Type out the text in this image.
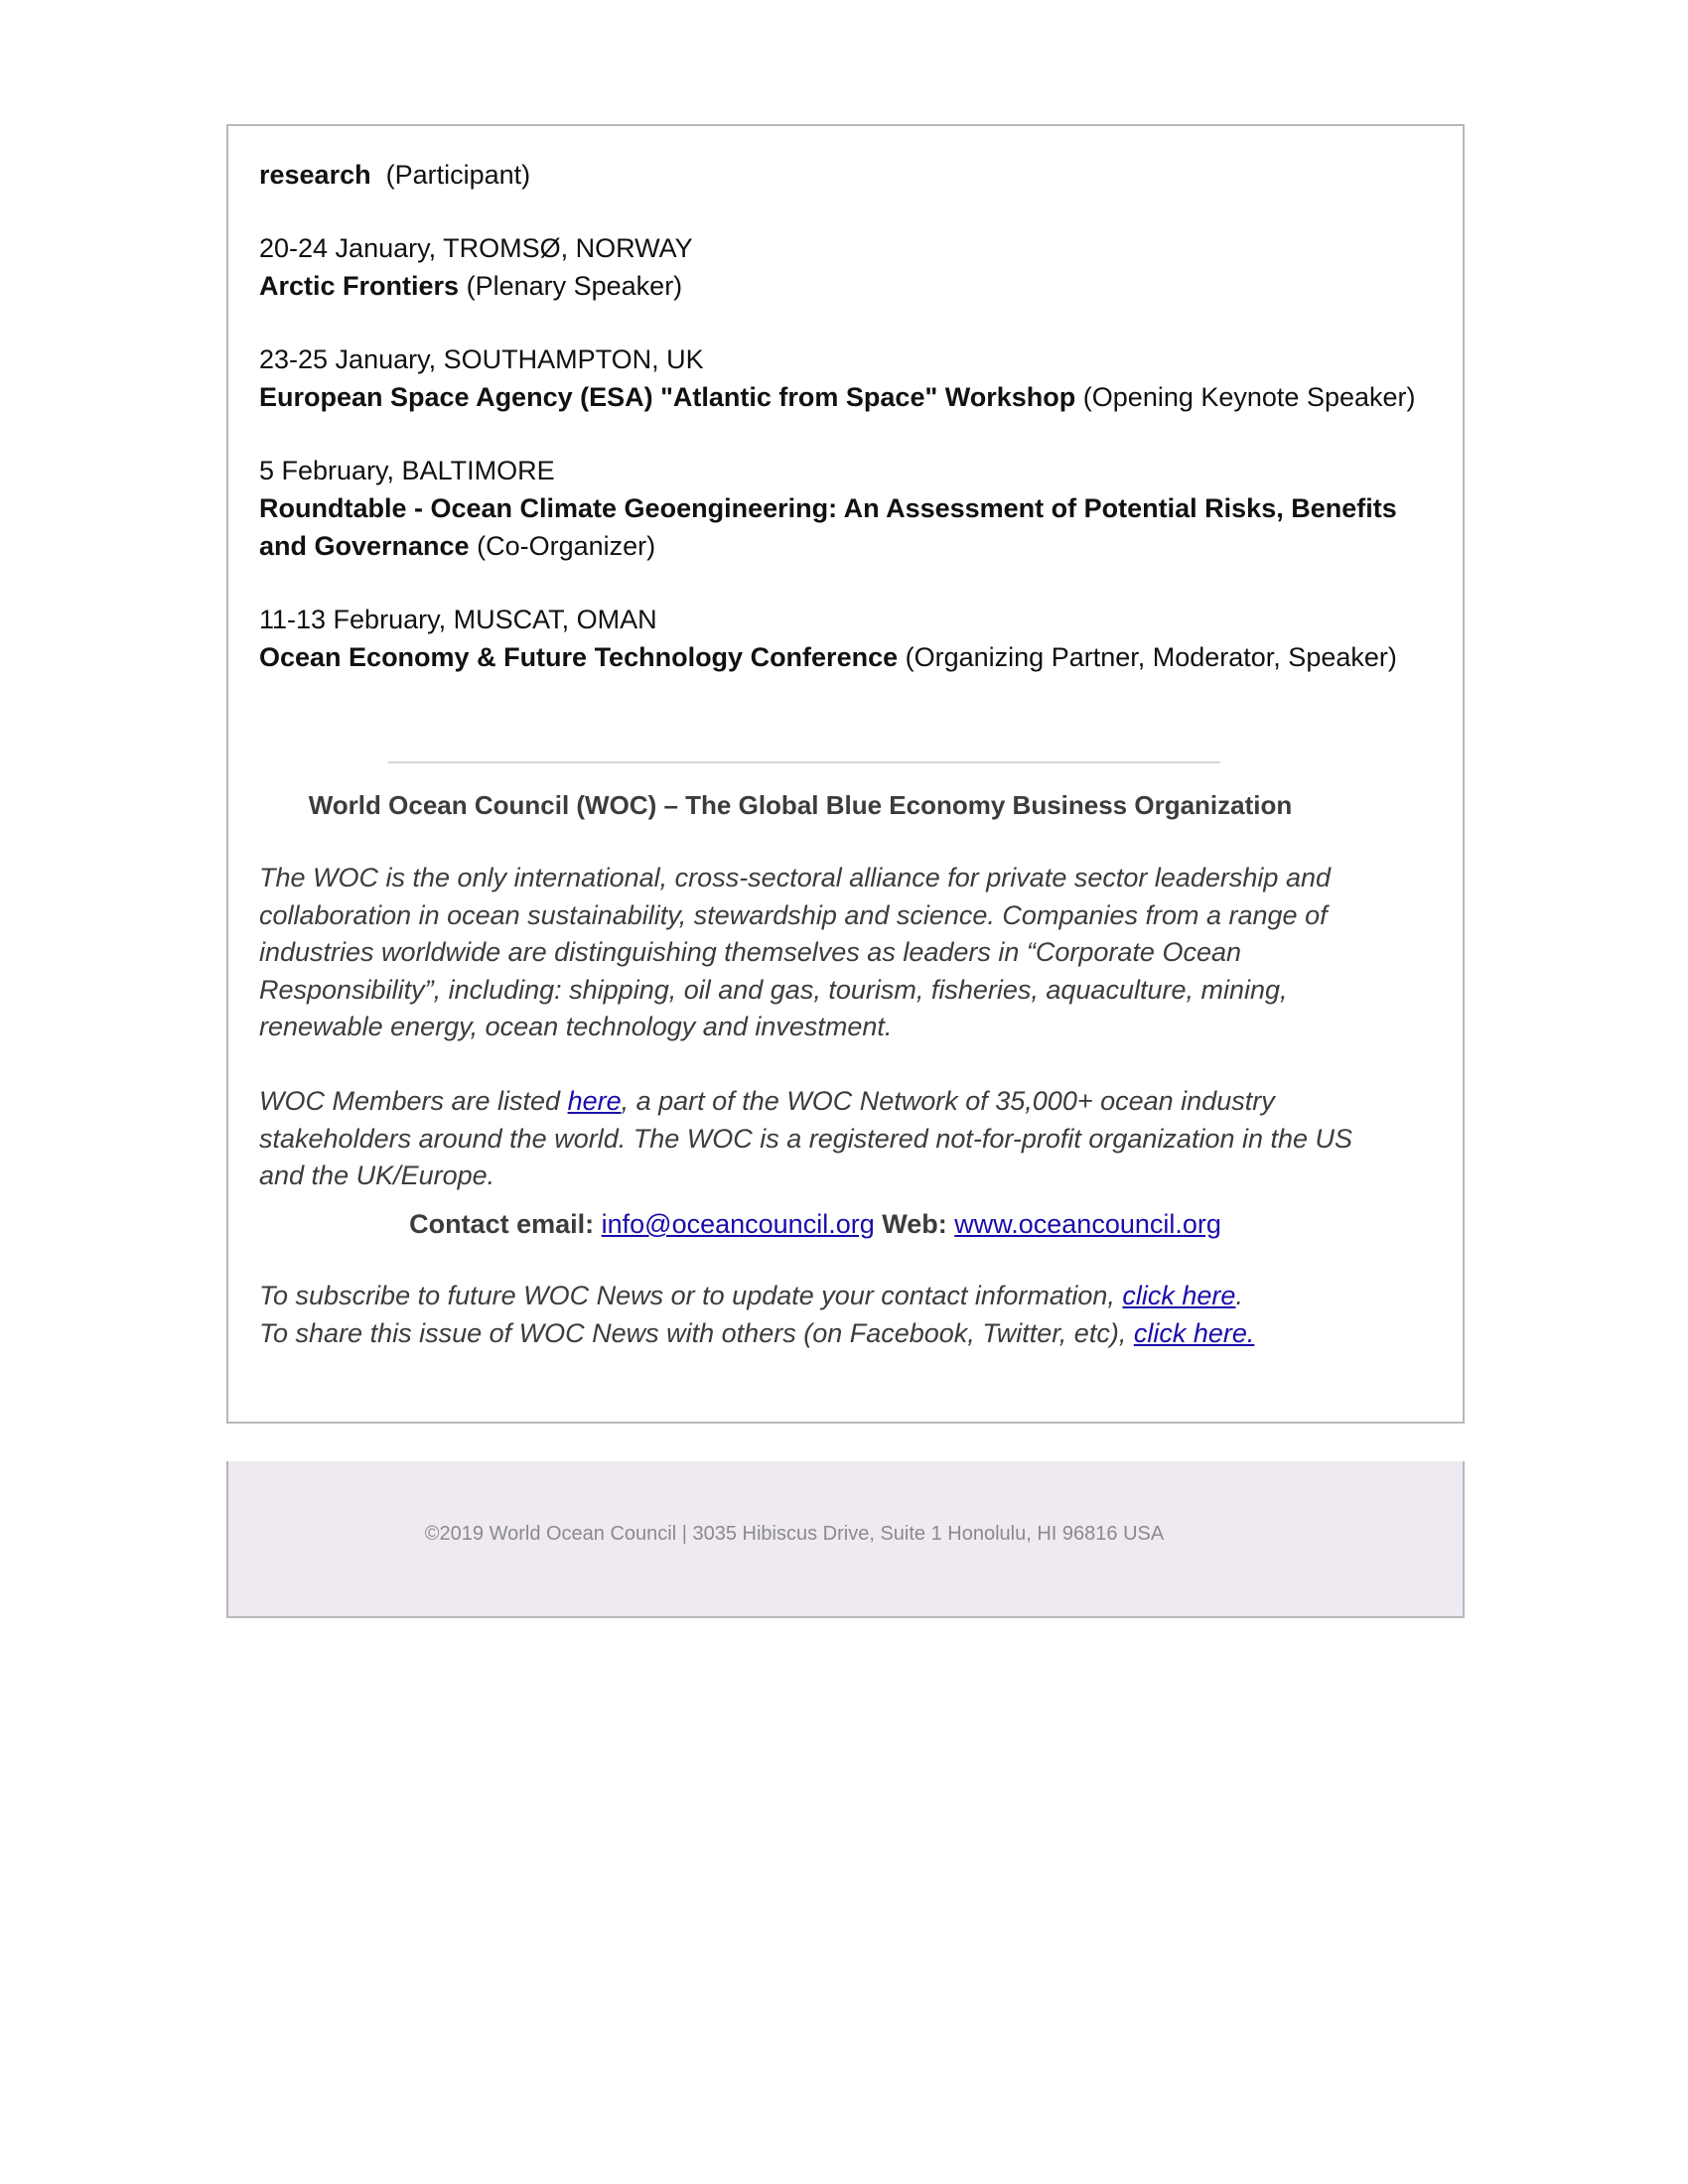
research (Participant)

20-24 January, TROMSØ, NORWAY

Arctic Frontiers (Plenary Speaker)

23-25 January, SOUTHAMPTON, UK

European Space Agency (ESA) "Atlantic from Space" Workshop (Opening Keynote Speaker)

5 February, BALTIMORE

Roundtable - Ocean Climate Geoengineering: An Assessment of Potential Risks, Benefits and Governance (Co-Organizer)

11-13 February, MUSCAT, OMAN

Ocean Economy & Future Technology Conference (Organizing Partner, Moderator, Speaker)

World Ocean Council (WOC) – The Global Blue Economy Business Organization

The WOC is the only international, cross-sectoral alliance for private sector leadership and collaboration in ocean sustainability, stewardship and science. Companies from a range of industries worldwide are distinguishing themselves as leaders in “Corporate Ocean Responsibility”, including: shipping, oil and gas, tourism, fisheries, aquaculture, mining, renewable energy, ocean technology and investment.

WOC Members are listed here, a part of the WOC Network of 35,000+ ocean industry stakeholders around the world. The WOC is a registered not-for-profit organization in the US and the UK/Europe.

Contact email: info@oceancouncil.org Web: www.oceancouncil.org

To subscribe to future WOC News or to update your contact information, click here.

To share this issue of WOC News with others (on Facebook, Twitter, etc), click here.

©2019 World Ocean Council | 3035 Hibiscus Drive, Suite 1 Honolulu, HI 96816 USA
